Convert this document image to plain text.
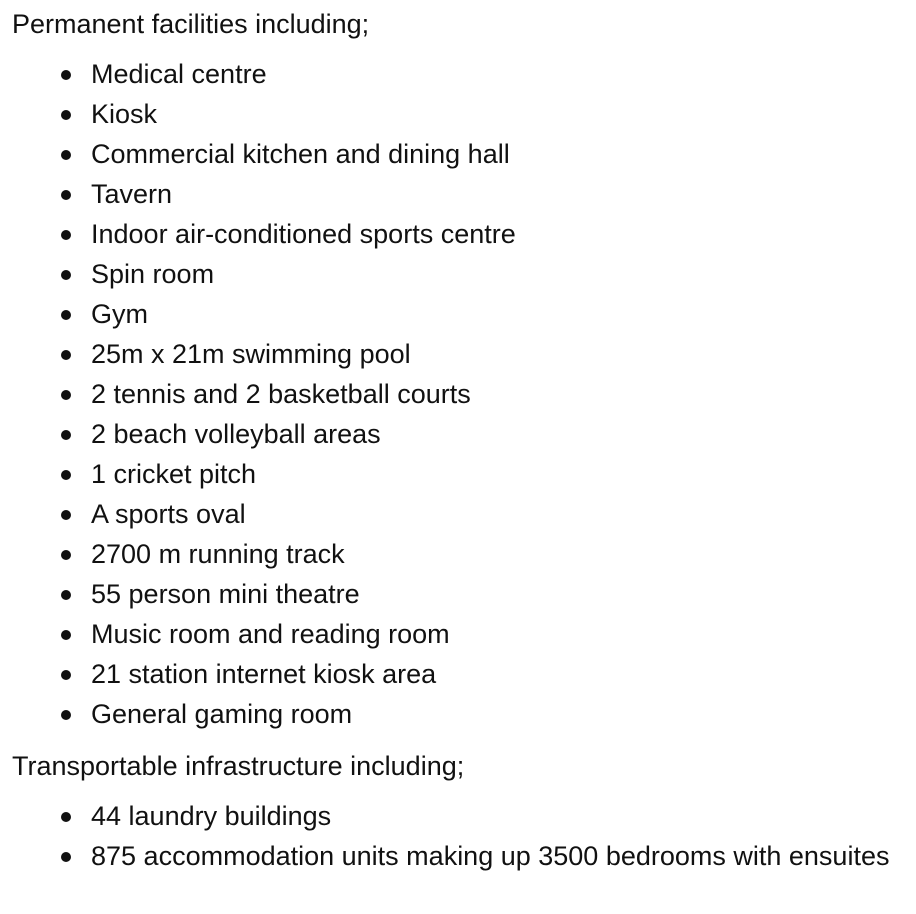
Permanent facilities including;

Medical centre
Kiosk
Commercial kitchen and dining hall
Tavern
Indoor air-conditioned sports centre
Spin room
Gym
25m x 21m swimming pool
2 tennis and 2 basketball courts
2 beach volleyball areas
1 cricket pitch
A sports oval
2700 m running track
55 person mini theatre
Music room and reading room
21 station internet kiosk area
General gaming room

Transportable infrastructure including;

44 laundry buildings
875 accommodation units making up 3500 bedrooms with ensuites
